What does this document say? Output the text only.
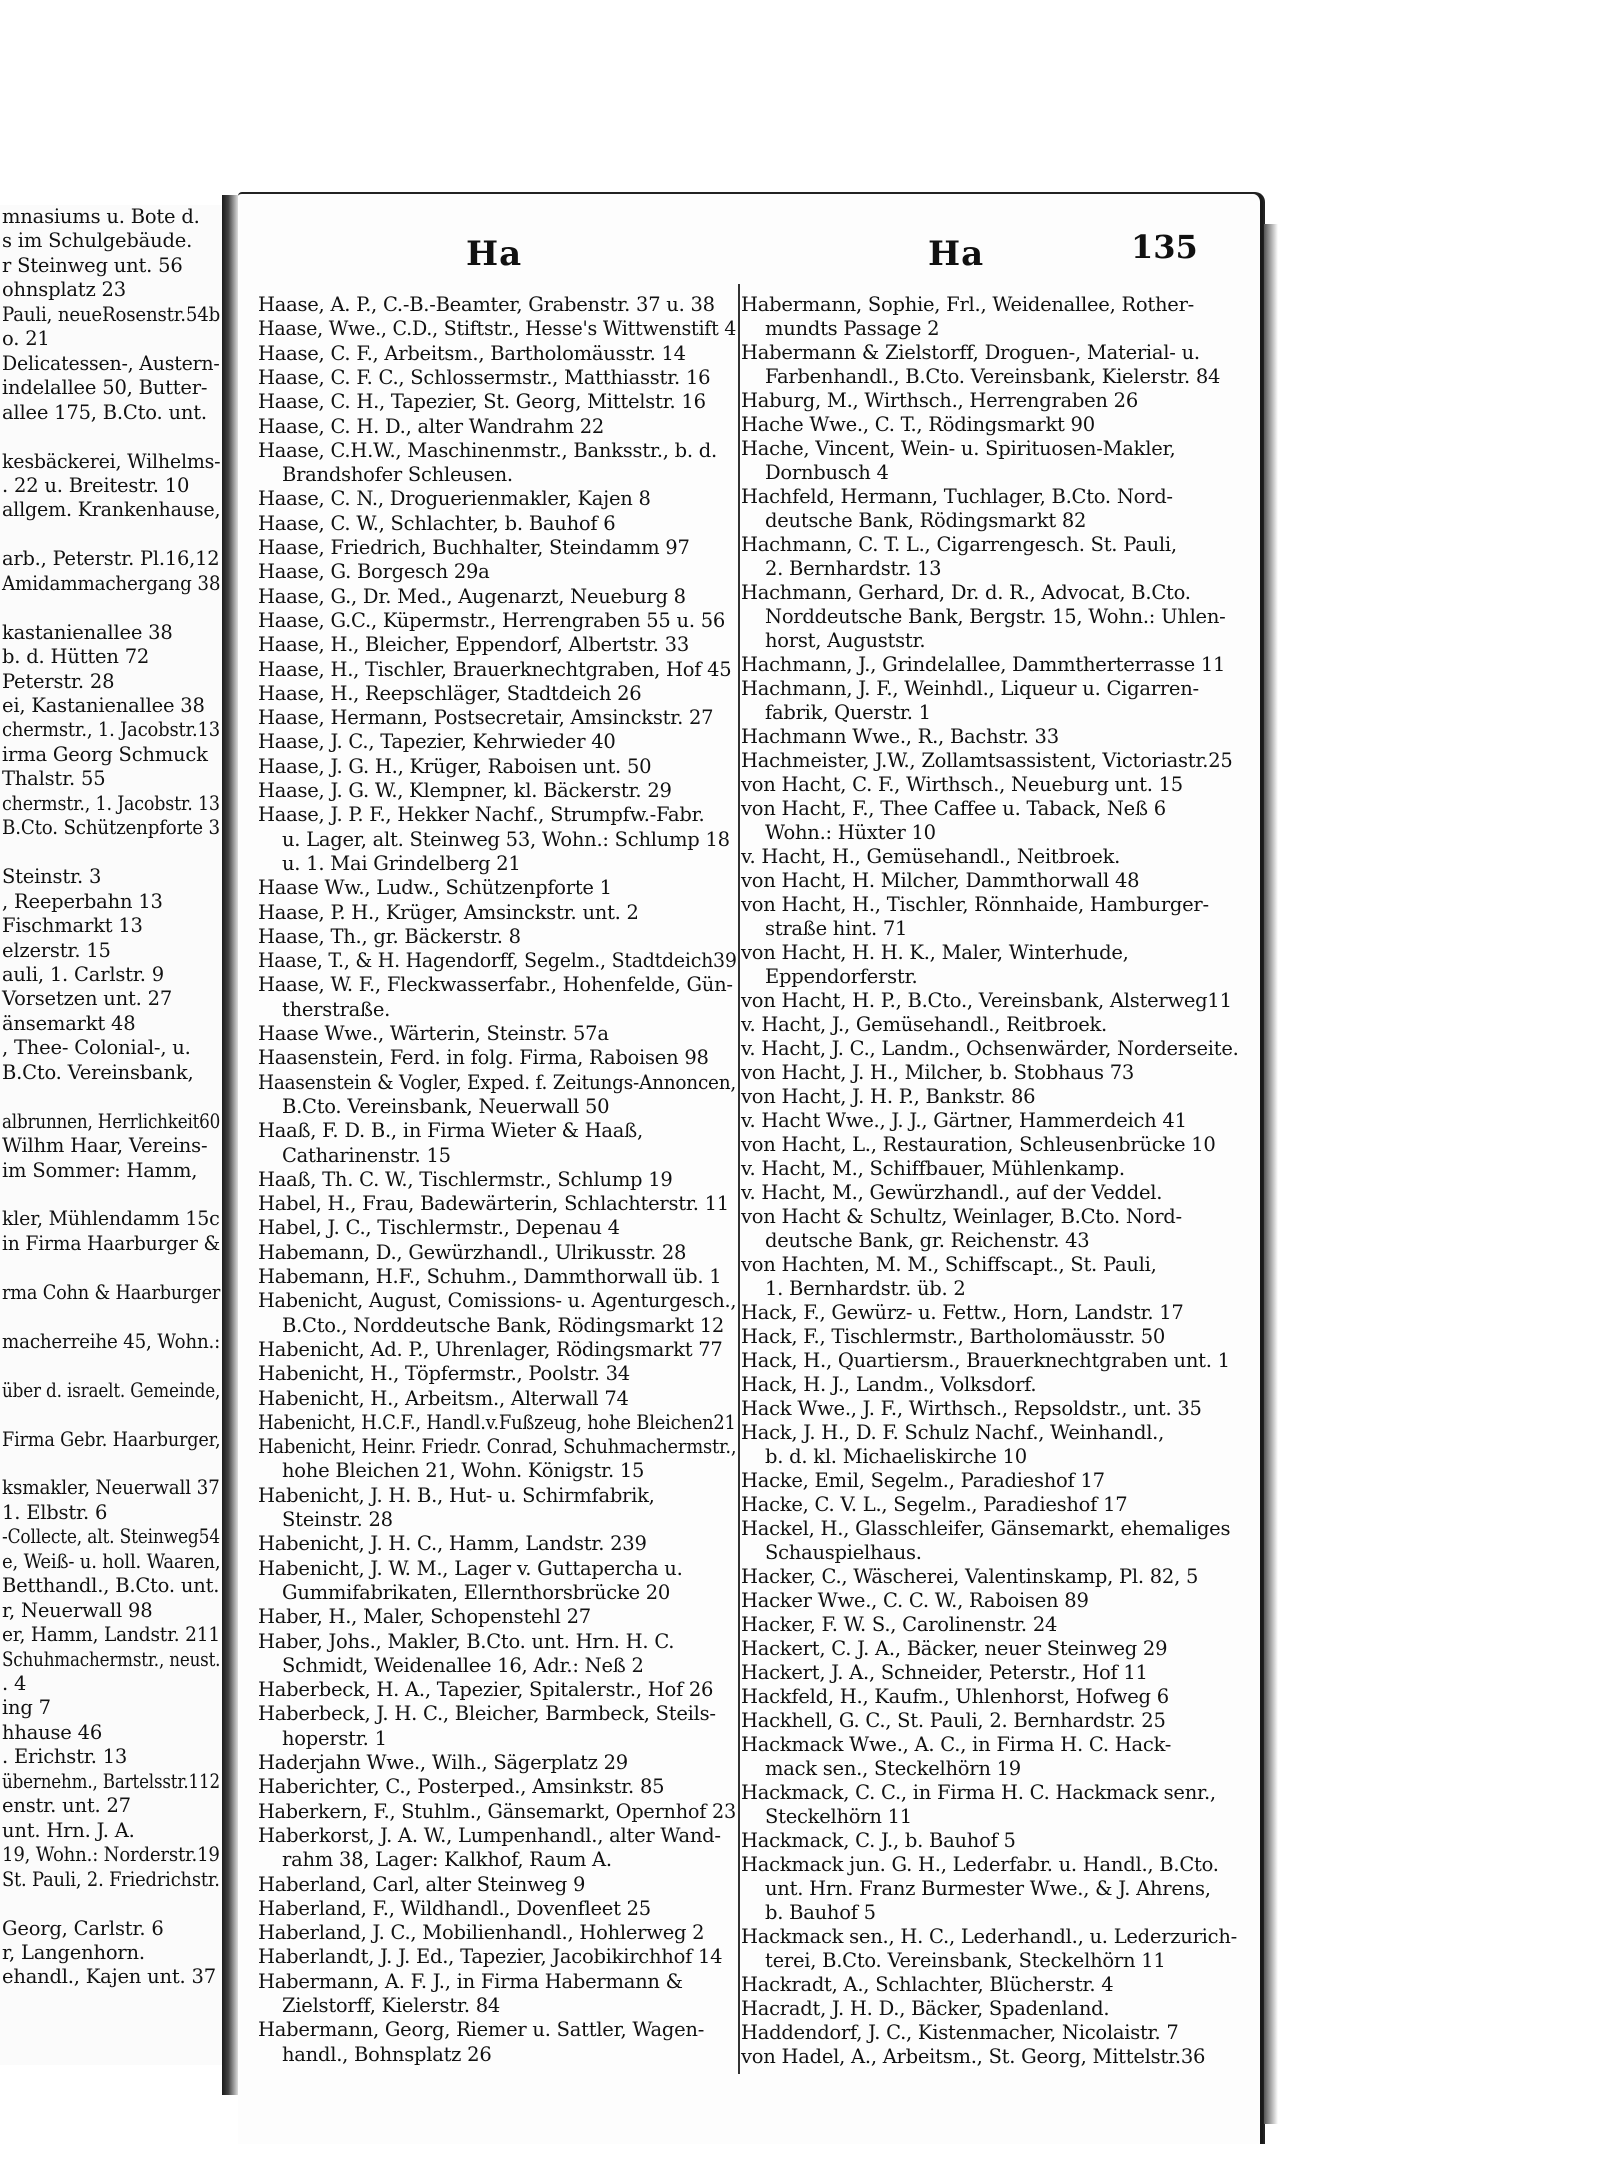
mnasiums u. Bote d.
s im Schulgebäude.
r Steinweg unt. 56
ohnsplatz 23
Pauli, neueRosenstr.54b
o. 21
Delicatessen-, Austern-
indelallee 50, Butter-
allee 175, B.Cto. unt.
kesbäckerei, Wilhelms-
. 22 u. Breitestr. 10
allgem. Krankenhause,
arb., Peterstr. Pl.16,12
Amidammachergang 38
kastanienallee 38
b. d. Hütten 72
Peterstr. 28
ei, Kastanienallee 38
chermstr., 1. Jacobstr.13
irma Georg Schmuck
Thalstr. 55
chermstr., 1. Jacobstr. 13
B.Cto. Schützenpforte 3
Steinstr. 3
, Reeperbahn 13
Fischmarkt 13
elzerstr. 15
auli, 1. Carlstr. 9
Vorsetzen unt. 27
änsemarkt 48
, Thee- Colonial-, u.
B.Cto. Vereinsbank,
albrunnen, Herrlichkeit60
Wilhm Haar, Vereins-
im Sommer: Hamm,
kler, Mühlendamm 15c
in Firma Haarburger &
rma Cohn & Haarburger
macherreihe 45, Wohn.:
über d. israelt. Gemeinde,
Firma Gebr. Haarburger,
ksmakler, Neuerwall 37
1. Elbstr. 6
-Collecte, alt. Steinweg54
e, Weiß- u. holl. Waaren,
Betthandl., B.Cto. unt.
r, Neuerwall 98
er, Hamm, Landstr. 211
Schuhmachermstr., neust.
. 4
ing 7
hhause 46
. Erichstr. 13
übernehm., Bartelsstr.112
enstr. unt. 27
unt. Hrn. J. A.
19, Wohn.: Norderstr.19
St. Pauli, 2. Friedrichstr.
Georg, Carlstr. 6
r, Langenhorn.
ehandl., Kajen unt. 37
Ha	Ha	135
Haase, A. P., C.-B.-Beamter, Grabenstr. 37 u. 38
Haase, Wwe., C.D., Stiftstr., Hesse's Wittwenstift 4
Haase, C. F., Arbeitsm., Bartholomäusstr. 14
Haase, C. F. C., Schlossermstr., Matthiasstr. 16
Haase, C. H., Tapezier, St. Georg, Mittelstr. 16
Haase, C. H. D., alter Wandrahm 22
Haase, C.H.W., Maschinenmstr., Banksstr., b. d.
Brandshofer Schleusen.
Haase, C. N., Droguerienmakler, Kajen 8
Haase, C. W., Schlachter, b. Bauhof 6
Haase, Friedrich, Buchhalter, Steindamm 97
Haase, G. Borgesch 29a
Haase, G., Dr. Med., Augenarzt, Neueburg 8
Haase, G.C., Küpermstr., Herrengraben 55 u. 56
Haase, H., Bleicher, Eppendorf, Albertstr. 33
Haase, H., Tischler, Brauerknechtgraben, Hof 45
Haase, H., Reepschläger, Stadtdeich 26
Haase, Hermann, Postsecretair, Amsinckstr. 27
Haase, J. C., Tapezier, Kehrwieder 40
Haase, J. G. H., Krüger, Raboisen unt. 50
Haase, J. G. W., Klempner, kl. Bäckerstr. 29
Haase, J. P. F., Hekker Nachf., Strumpfw.-Fabr.
u. Lager, alt. Steinweg 53, Wohn.: Schlump 18
u. 1. Mai Grindelberg 21
Haase Ww., Ludw., Schützenpforte 1
Haase, P. H., Krüger, Amsinckstr. unt. 2
Haase, Th., gr. Bäckerstr. 8
Haase, T., & H. Hagendorff, Segelm., Stadtdeich39
Haase, W. F., Fleckwasserfabr., Hohenfelde, Gün-
therstraße.
Haase Wwe., Wärterin, Steinstr. 57a
Haasenstein, Ferd. in folg. Firma, Raboisen 98
Haasenstein & Vogler, Exped. f. Zeitungs-Annoncen,
B.Cto. Vereinsbank, Neuerwall 50
Haaß, F. D. B., in Firma Wieter & Haaß,
Catharinenstr. 15
Haaß, Th. C. W., Tischlermstr., Schlump 19
Habel, H., Frau, Badewärterin, Schlachterstr. 11
Habel, J. C., Tischlermstr., Depenau 4
Habemann, D., Gewürzhandl., Ulrikusstr. 28
Habemann, H.F., Schuhm., Dammthorwall üb. 1
Habenicht, August, Comissions- u. Agenturgesch.,
B.Cto., Norddeutsche Bank, Rödingsmarkt 12
Habenicht, Ad. P., Uhrenlager, Rödingsmarkt 77
Habenicht, H., Töpfermstr., Poolstr. 34
Habenicht, H., Arbeitsm., Alterwall 74
Habenicht, H.C.F., Handl.v.Fußzeug, hohe Bleichen21
Habenicht, Heinr. Friedr. Conrad, Schuhmachermstr.,
hohe Bleichen 21, Wohn. Königstr. 15
Habenicht, J. H. B., Hut- u. Schirmfabrik,
Steinstr. 28
Habenicht, J. H. C., Hamm, Landstr. 239
Habenicht, J. W. M., Lager v. Guttapercha u.
Gummifabrikaten, Ellernthorsbrücke 20
Haber, H., Maler, Schopenstehl 27
Haber, Johs., Makler, B.Cto. unt. Hrn. H. C.
Schmidt, Weidenallee 16, Adr.: Neß 2
Haberbeck, H. A., Tapezier, Spitalerstr., Hof 26
Haberbeck, J. H. C., Bleicher, Barmbeck, Steils-
hoperstr. 1
Haderjahn Wwe., Wilh., Sägerplatz 29
Haberichter, C., Posterped., Amsinkstr. 85
Haberkern, F., Stuhlm., Gänsemarkt, Opernhof 23
Haberkorst, J. A. W., Lumpenhandl., alter Wand-
rahm 38, Lager: Kalkhof, Raum A.
Haberland, Carl, alter Steinweg 9
Haberland, F., Wildhandl., Dovenfleet 25
Haberland, J. C., Mobilienhandl., Hohlerweg 2
Haberlandt, J. J. Ed., Tapezier, Jacobikirchhof 14
Habermann, A. F. J., in Firma Habermann &
Zielstorff, Kielerstr. 84
Habermann, Georg, Riemer u. Sattler, Wagen-
handl., Bohnsplatz 26
Habermann, Sophie, Frl., Weidenallee, Rother-
mundts Passage 2
Habermann & Zielstorff, Droguen-, Material- u.
Farbenhandl., B.Cto. Vereinsbank, Kielerstr. 84
Haburg, M., Wirthsch., Herrengraben 26
Hache Wwe., C. T., Rödingsmarkt 90
Hache, Vincent, Wein- u. Spirituosen-Makler,
Dornbusch 4
Hachfeld, Hermann, Tuchlager, B.Cto. Nord-
deutsche Bank, Rödingsmarkt 82
Hachmann, C. T. L., Cigarrengesch. St. Pauli,
2. Bernhardstr. 13
Hachmann, Gerhard, Dr. d. R., Advocat, B.Cto.
Norddeutsche Bank, Bergstr. 15, Wohn.: Uhlen-
horst, Auguststr.
Hachmann, J., Grindelallee, Dammtherterrasse 11
Hachmann, J. F., Weinhdl., Liqueur u. Cigarren-
fabrik, Querstr. 1
Hachmann Wwe., R., Bachstr. 33
Hachmeister, J.W., Zollamtsassistent, Victoriastr.25
von Hacht, C. F., Wirthsch., Neueburg unt. 15
von Hacht, F., Thee Caffee u. Taback, Neß 6
Wohn.: Hüxter 10
v. Hacht, H., Gemüsehandl., Neitbroek.
von Hacht, H. Milcher, Dammthorwall 48
von Hacht, H., Tischler, Rönnhaide, Hamburger-
straße hint. 71
von Hacht, H. H. K., Maler, Winterhude,
Eppendorferstr.
von Hacht, H. P., B.Cto., Vereinsbank, Alsterweg11
v. Hacht, J., Gemüsehandl., Reitbroek.
v. Hacht, J. C., Landm., Ochsenwärder, Norderseite.
von Hacht, J. H., Milcher, b. Stobhaus 73
von Hacht, J. H. P., Bankstr. 86
v. Hacht Wwe., J. J., Gärtner, Hammerdeich 41
von Hacht, L., Restauration, Schleusenbrücke 10
v. Hacht, M., Schiffbauer, Mühlenkamp.
v. Hacht, M., Gewürzhandl., auf der Veddel.
von Hacht & Schultz, Weinlager, B.Cto. Nord-
deutsche Bank, gr. Reichenstr. 43
von Hachten, M. M., Schiffscapt., St. Pauli,
1. Bernhardstr. üb. 2
Hack, F., Gewürz- u. Fettw., Horn, Landstr. 17
Hack, F., Tischlermstr., Bartholomäusstr. 50
Hack, H., Quartiersm., Brauerknechtgraben unt. 1
Hack, H. J., Landm., Volksdorf.
Hack Wwe., J. F., Wirthsch., Repsoldstr., unt. 35
Hack, J. H., D. F. Schulz Nachf., Weinhandl.,
b. d. kl. Michaeliskirche 10
Hacke, Emil, Segelm., Paradieshof 17
Hacke, C. V. L., Segelm., Paradieshof 17
Hackel, H., Glasschleifer, Gänsemarkt, ehemaliges
Schauspielhaus.
Hacker, C., Wäscherei, Valentinskamp, Pl. 82, 5
Hacker Wwe., C. C. W., Raboisen 89
Hacker, F. W. S., Carolinenstr. 24
Hackert, C. J. A., Bäcker, neuer Steinweg 29
Hackert, J. A., Schneider, Peterstr., Hof 11
Hackfeld, H., Kaufm., Uhlenhorst, Hofweg 6
Hackhell, G. C., St. Pauli, 2. Bernhardstr. 25
Hackmack Wwe., A. C., in Firma H. C. Hack-
mack sen., Steckelhörn 19
Hackmack, C. C., in Firma H. C. Hackmack senr.,
Steckelhörn 11
Hackmack, C. J., b. Bauhof 5
Hackmack jun. G. H., Lederfabr. u. Handl., B.Cto.
unt. Hrn. Franz Burmester Wwe., & J. Ahrens,
b. Bauhof 5
Hackmack sen., H. C., Lederhandl., u. Lederzurich-
terei, B.Cto. Vereinsbank, Steckelhörn 11
Hackradt, A., Schlachter, Blücherstr. 4
Hacradt, J. H. D., Bäcker, Spadenland.
Haddendorf, J. C., Kistenmacher, Nicolaistr. 7
von Hadel, A., Arbeitsm., St. Georg, Mittelstr.36
